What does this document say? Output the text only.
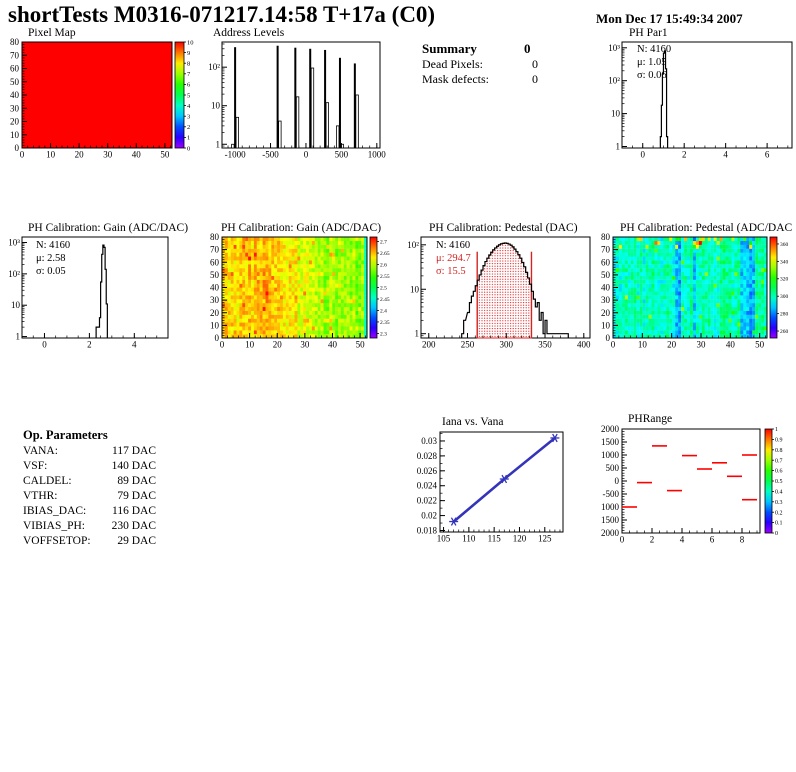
0 10 20 30 40 50
0
10
20
30
40
50
60
70
80	10
9
8
7
6
5
4
3
2
1
0
-1000 -500	0	500 1000
1
10
10²
0	2	4	6
1
10
10²
10³
0	2	4
1
10
10²
10³
0 10 20 30 40 50
0
10
20
30
40
50
60
70
80
2.7
2.65
2.6
2.55
2.5
2.45
2.4
2.35
2.3
200	250	300	350	400
1
10
10²
0	10 20 30 40 50
0
10
20
30
40
50
60
70
80
360
340
320
300
280
260
105 110 115 120 125
0.018
0.02
0.022
0.024
0.026
0.028
0.03
0	2	4	6	8
2000
1500
1000
500
0
-500
1000
1500
2000
1
0.9
0.8
0.7
0.6
0.5
0.4
0.3
0.2
0.1
0
shortTests M0316-071217.14:58 T+17a (C0)	Mon Dec 17 15:49:34 2007
Pixel Map	Address Levels	PH Par1
PH Calibration: Gain (ADC/DAC)	PH Calibration: Gain (ADC/DAC)	PH Calibration: Pedestal (DAC)	PH Calibration: Pedestal (ADC/DAC
Iana vs. Vana	PHRange
Summary	0
Dead Pixels:	0
Mask defects:	0
N: 4160
μ: 1.05
σ: 0.06
N: 4160
μ: 2.58
σ: 0.05
N: 4160
μ: 294.7
σ: 15.5
Op. Parameters
VANA:	117 DAC
VSF:	140 DAC
CALDEL:	89 DAC
VTHR:	79 DAC
IBIAS_DAC: 116 DAC
VIBIAS_PH: 230 DAC
VOFFSETOP: 29 DAC
